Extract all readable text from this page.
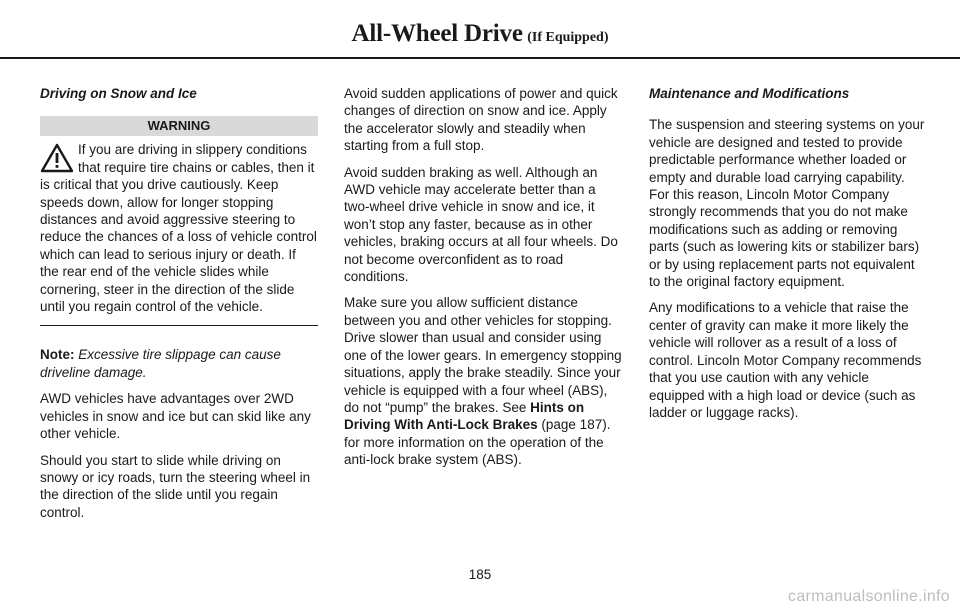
All-Wheel Drive (If Equipped)
Driving on Snow and Ice
WARNING

If you are driving in slippery conditions that require tire chains or cables, then it is critical that you drive cautiously. Keep speeds down, allow for longer stopping distances and avoid aggressive steering to reduce the chances of a loss of vehicle control which can lead to serious injury or death. If the rear end of the vehicle slides while cornering, steer in the direction of the slide until you regain control of the vehicle.

Note: Excessive tire slippage can cause driveline damage.

AWD vehicles have advantages over 2WD vehicles in snow and ice but can skid like any other vehicle.

Should you start to slide while driving on snowy or icy roads, turn the steering wheel in the direction of the slide until you regain control.

Avoid sudden applications of power and quick changes of direction on snow and ice. Apply the accelerator slowly and steadily when starting from a full stop.

Avoid sudden braking as well. Although an AWD vehicle may accelerate better than a two-wheel drive vehicle in snow and ice, it won’t stop any faster, because as in other vehicles, braking occurs at all four wheels. Do not become overconfident as to road conditions.

Make sure you allow sufficient distance between you and other vehicles for stopping. Drive slower than usual and consider using one of the lower gears. In emergency stopping situations, apply the brake steadily. Since your vehicle is equipped with a four wheel (ABS), do not “pump” the brakes. See Hints on Driving With Anti-Lock Brakes (page 187). for more information on the operation of the anti-lock brake system (ABS).

Maintenance and Modifications

The suspension and steering systems on your vehicle are designed and tested to provide predictable performance whether loaded or empty and durable load carrying capability. For this reason, Lincoln Motor Company strongly recommends that you do not make modifications such as adding or removing parts (such as lowering kits or stabilizer bars) or by using replacement parts not equivalent to the original factory equipment.

Any modifications to a vehicle that raise the center of gravity can make it more likely the vehicle will rollover as a result of a loss of control. Lincoln Motor Company recommends that you use caution with any vehicle equipped with a high load or device (such as ladder or luggage racks).

185
carmanualsonline.info
